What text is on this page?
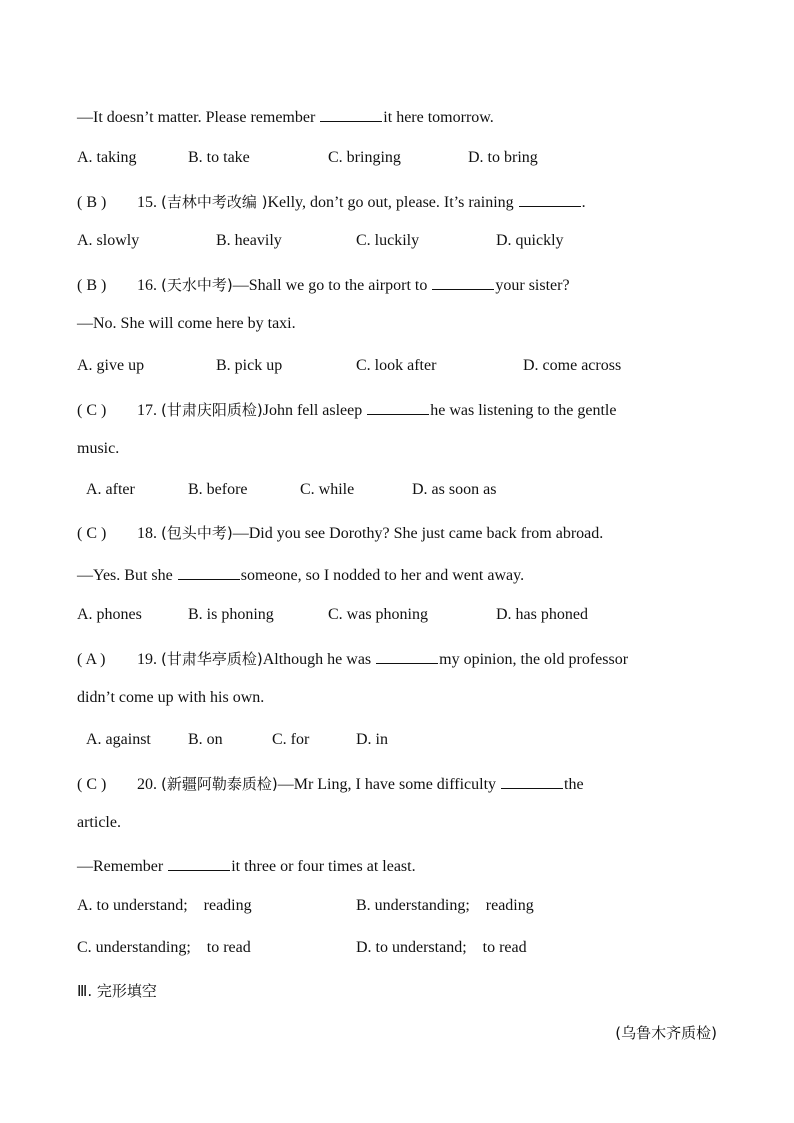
—It doesn’t matter. Please remember	it here tomorrow.
A. taking	B. to take	C. bringing	D. to bring
( B ) 15. (吉林中考改编 )Kelly, don’t go out, please. It’s raining	.
A. slowly	B. heavily	C. luckily	D. quickly
( B ) 16. (天水中考)—Shall we go to the airport to	your sister?
—No. She will come here by taxi.
A. give up	B. pick up	C. look after	D. come across
( C ) 17. (甘肃庆阳质检)John fell asleep	he was listening to the gentle
music.
A. after	B. before	C. while	D. as soon as
( C ) 18. (包头中考)—Did you see Dorothy? She just came back from abroad.
—Yes. But she	someone, so I nodded to her and went away.
A. phones	B. is phoning	C. was phoning	D. has phoned
( A ) 19. (甘肃华亭质检)Although he was	my opinion, the old professor
didn’t come up with his own.
A. against B. on	C. for	D. in
( C ) 20. (新疆阿勒泰质检)—Mr Ling, I have some difficulty	the
article.
—Remember	it three or four times at least.
A. to understand;    reading	B. understanding;    reading
C. understanding;    to read	D. to understand;    to read
Ⅲ. 完形填空
(乌鲁木齐质检)
